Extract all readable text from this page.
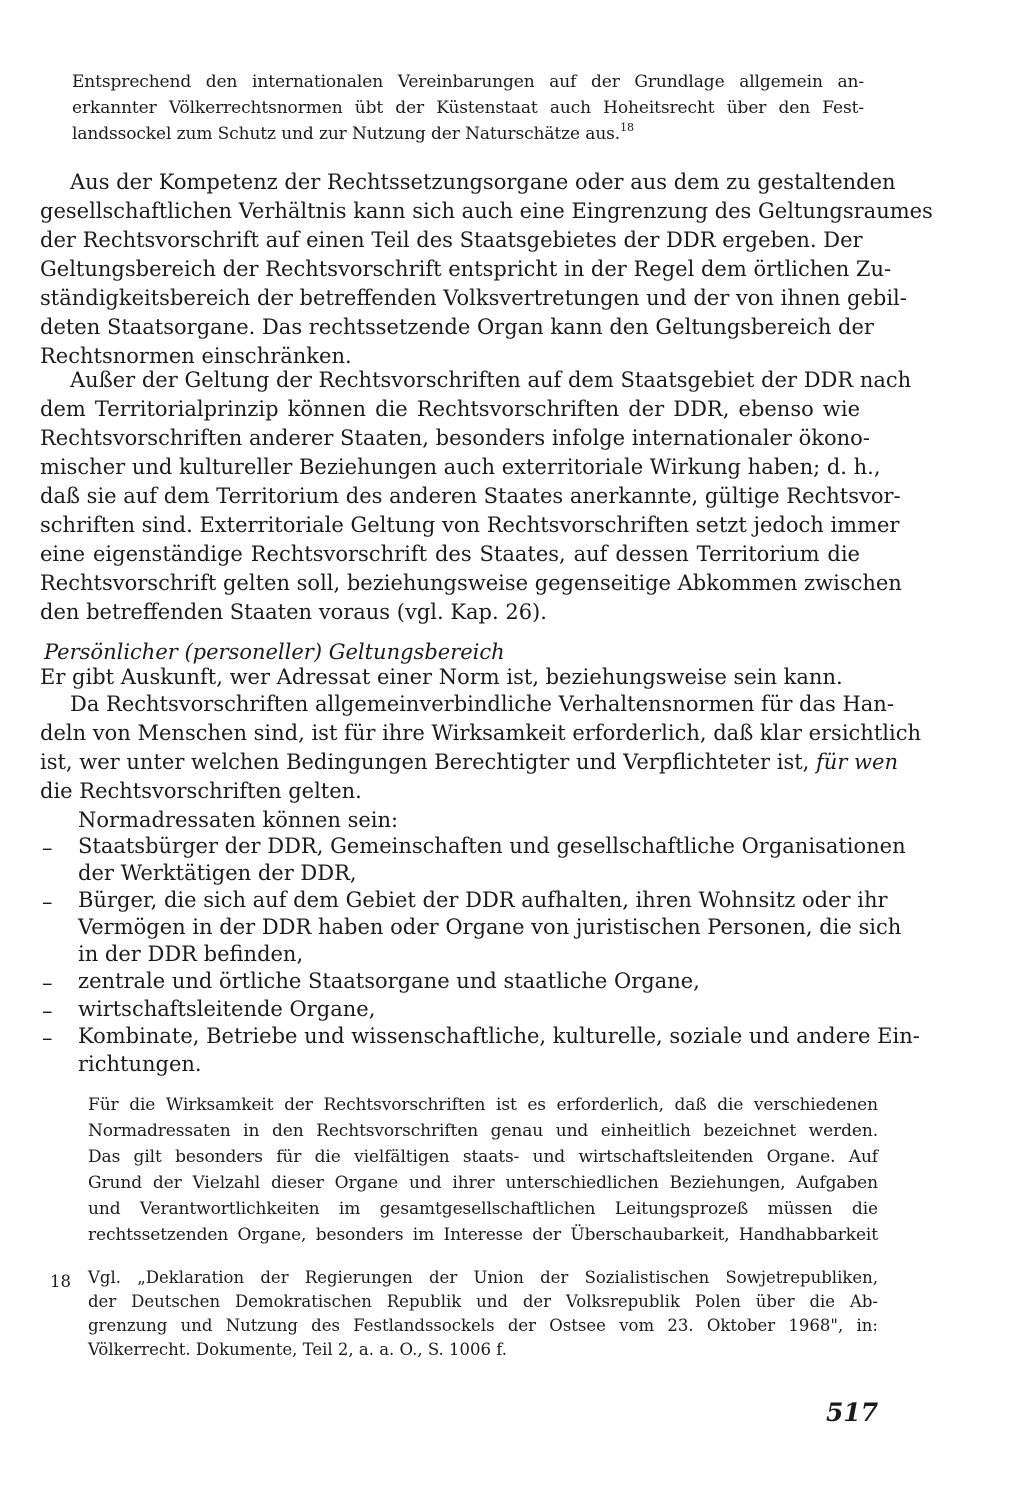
Entsprechend den internationalen Vereinbarungen auf der Grundlage allgemein an-
erkannter Völkerrechtsnormen übt der Küstenstaat auch Hoheitsrecht über den Fest-
landssockel zum Schutz und zur Nutzung der Naturschätze aus.$^{18}$
Aus der Kompetenz der Rechtssetzungsorgane oder aus dem zu gestaltenden
gesellschaftlichen Verhältnis kann sich auch eine Eingrenzung des Geltungsraumes
der Rechtsvorschrift auf einen Teil des Staatsgebietes der DDR ergeben. Der
Geltungsbereich der Rechtsvorschrift entspricht in der Regel dem örtlichen Zu-
ständigkeitsbereich der betreffenden Volksvertretungen und der von ihnen gebil-
deten Staatsorgane. Das rechtssetzende Organ kann den Geltungsbereich der
Rechtsnormen einschränken.
Außer der Geltung der Rechtsvorschriften auf dem Staatsgebiet der DDR nach
dem Territorialprinzip können die Rechtsvorschriften der DDR, ebenso wie
Rechtsvorschriften anderer Staaten, besonders infolge internationaler ökono-
mischer und kultureller Beziehungen auch exterritoriale Wirkung haben; d. h.,
daß sie auf dem Territorium des anderen Staates anerkannte, gültige Rechtsvor-
schriften sind. Exterritoriale Geltung von Rechtsvorschriften setzt jedoch immer
eine eigenständige Rechtsvorschrift des Staates, auf dessen Territorium die
Rechtsvorschrift gelten soll, beziehungsweise gegenseitige Abkommen zwischen
den betreffenden Staaten voraus (vgl. Kap. 26).
Persönlicher (personeller) Geltungsbereich
Er gibt Auskunft, wer Adressat einer Norm ist, beziehungsweise sein kann.
Da Rechtsvorschriften allgemeinverbindliche Verhaltensnormen für das Han-
deln von Menschen sind, ist für ihre Wirksamkeit erforderlich, daß klar ersichtlich
ist, wer unter welchen Bedingungen Berechtigter und Verpflichteter ist, für wen
die Rechtsvorschriften gelten.
Normadressaten können sein:
– Staatsbürger der DDR, Gemeinschaften und gesellschaftliche Organisationen
der Werktätigen der DDR,
– Bürger, die sich auf dem Gebiet der DDR aufhalten, ihren Wohnsitz oder ihr
Vermögen in der DDR haben oder Organe von juristischen Personen, die sich
in der DDR befinden,
– zentrale und örtliche Staatsorgane und staatliche Organe,
– wirtschaftsleitende Organe,
– Kombinate, Betriebe und wissenschaftliche, kulturelle, soziale und andere Ein-
richtungen.
Für die Wirksamkeit der Rechtsvorschriften ist es erforderlich, daß die verschiedenen
Normadressaten in den Rechtsvorschriften genau und einheitlich bezeichnet werden.
Das gilt besonders für die vielfältigen staats- und wirtschaftsleitenden Organe. Auf
Grund der Vielzahl dieser Organe und ihrer unterschiedlichen Beziehungen, Aufgaben
und Verantwortlichkeiten im gesamtgesellschaftlichen Leitungsprozeß müssen die
rechtssetzenden Organe, besonders im Interesse der Überschaubarkeit, Handhabbarkeit
18 Vgl. „Deklaration der Regierungen der Union der Sozialistischen Sowjetrepubliken,
der Deutschen Demokratischen Republik und der Volksrepublik Polen über die Ab-
grenzung und Nutzung des Festlandssockels der Ostsee vom 23. Oktober 1968", in:
Völkerrecht. Dokumente, Teil 2, a. a. O., S. 1006 f.
517
